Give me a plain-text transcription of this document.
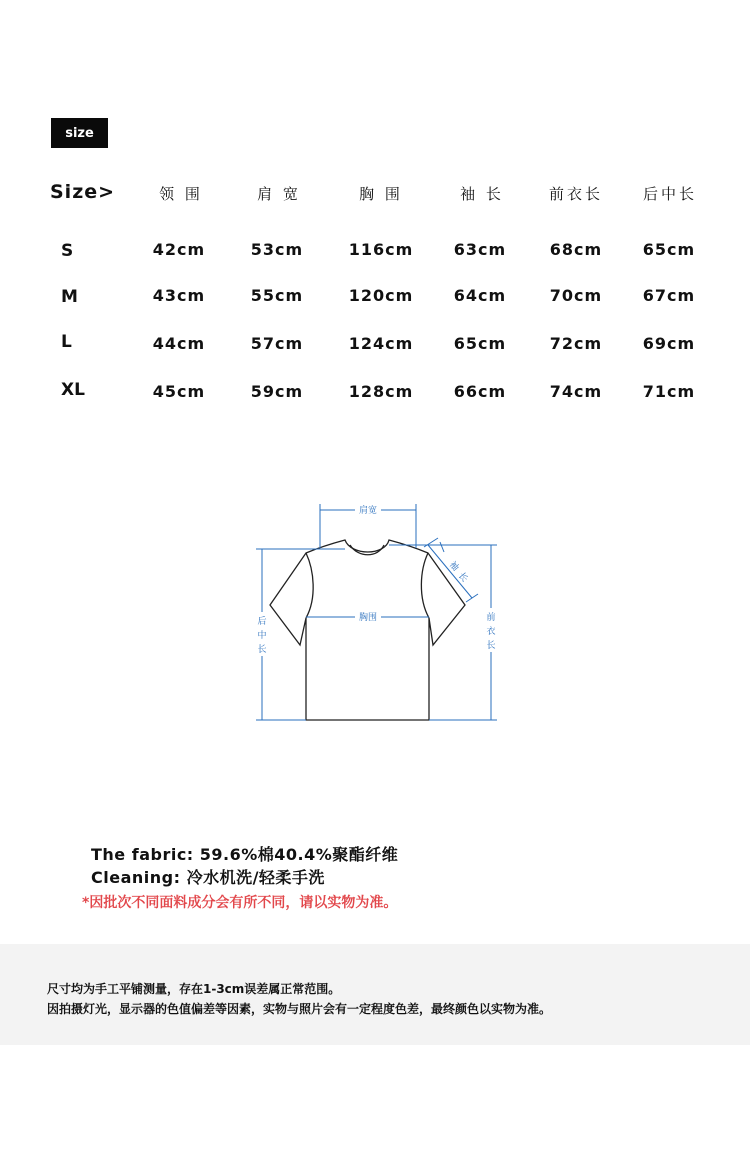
size
Size>	领 围	肩 宽	胸 围	袖 长	前衣长	后中长
S	42cm	53cm	116cm	63cm	68cm	65cm
M	43cm	55cm	120cm	64cm	70cm	67cm
L	44cm	57cm	124cm	65cm	72cm	69cm
XL	45cm	59cm	128cm	66cm	74cm	71cm
肩宽
胸围
后
中
长
前
衣
长
袖
长
The fabric: 59.6%棉40.4%聚酯纤维
Cleaning: 冷水机洗/轻柔手洗
*因批次不同面料成分会有所不同，请以实物为准。
尺寸均为手工平铺测量，存在1-3cm误差属正常范围。
因拍摄灯光，显示器的色值偏差等因素，实物与照片会有一定程度色差，最终颜色以实物为准。
